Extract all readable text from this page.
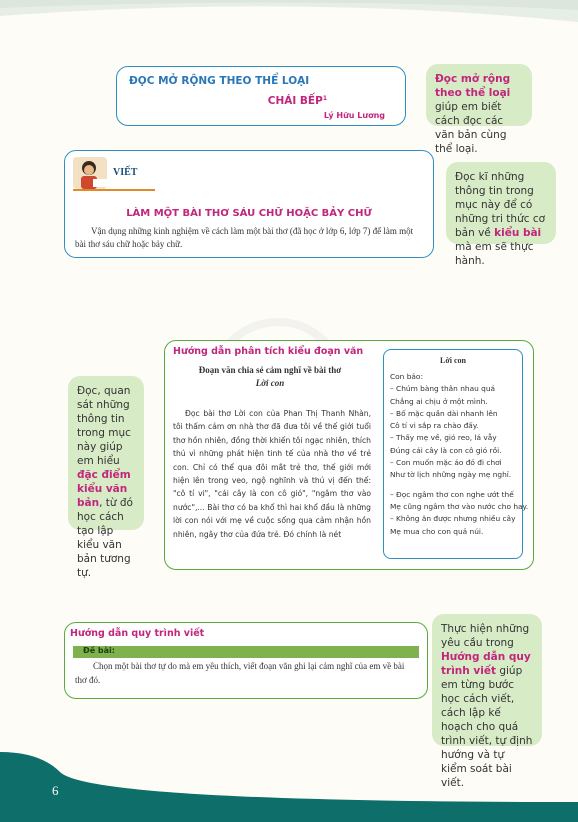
ĐỌC MỞ RỘNG THEO THỂ LOẠI
CHÁI BẾP$^1$
Lý Hữu Lương
Đọc mở rộng theo thể loại giúp em biết cách đọc các văn bản cùng thể loại.
VIẾT
LÀM MỘT BÀI THƠ SÁU CHỮ HOẶC BẢY CHỮ
Vận dụng những kinh nghiệm về cách làm một bài thơ (đã học ở lớp 6, lớp 7) để làm một bài thơ sáu chữ hoặc bảy chữ.
Đọc kĩ những thông tin trong mục này để có những tri thức cơ bản về kiểu bài mà em sẽ thực hành.
Hướng dẫn phân tích kiểu đoạn văn
Đoạn văn chia sẻ cảm nghĩ về bài thơ
Lời con
Đọc bài thơ Lời con của Phan Thị Thanh Nhàn, tôi thấm cảm ơn nhà thơ đã đưa tôi về thế giới tuổi thơ hồn nhiên, đồng thời khiến tôi ngạc nhiên, thích thú vì những phát hiện tinh tế của nhà thơ về trẻ con. Chỉ có thể qua đôi mắt trẻ thơ, thế giới mới hiện lên trong veo, ngộ nghĩnh và thú vị đến thế: "cô tí vi", "cái cây là con cô gió", "ngâm thơ vào nước",... Bài thơ có ba khổ thì hai khổ đầu là những lời con nói với mẹ về cuộc sống qua cảm nhận hồn nhiên, ngây thơ của đứa trẻ. Đó chính là nét
Lời con
Con bảo:
– Chúm bàng thân nhau quá
Chẳng ai chịu ở một mình.
– Bố mặc quần dài nhanh lên
Cô tí vi sắp ra chào đấy.
– Thấy mẹ về, gió reo, lá vẫy
Đúng cái cây là con cô gió rồi.
– Con muốn mặc áo đỏ đi chơi
Như tờ lịch những ngày mẹ nghỉ.
– Đọc ngâm thơ con nghe ướt thế
Mẹ cũng ngâm thơ vào nước cho hay.
– Không ăn được nhưng nhiều cây
Mẹ mua cho con quả núi.
Đọc, quan sát những thông tin trong mục này giúp em hiểu đặc điểm kiểu văn bản, từ đó học cách tạo lập kiểu văn bản tương tự.
Hướng dẫn quy trình viết
Đề bài:
Chọn một bài thơ tự do mà em yêu thích, viết đoạn văn ghi lại cảm nghĩ của em về bài thơ đó.
Thực hiện những yêu cầu trong Hướng dẫn quy trình viết giúp em từng bước học cách viết, cách lập kế hoạch cho quá trình viết, tự định hướng và tự kiểm soát bài viết.
6
